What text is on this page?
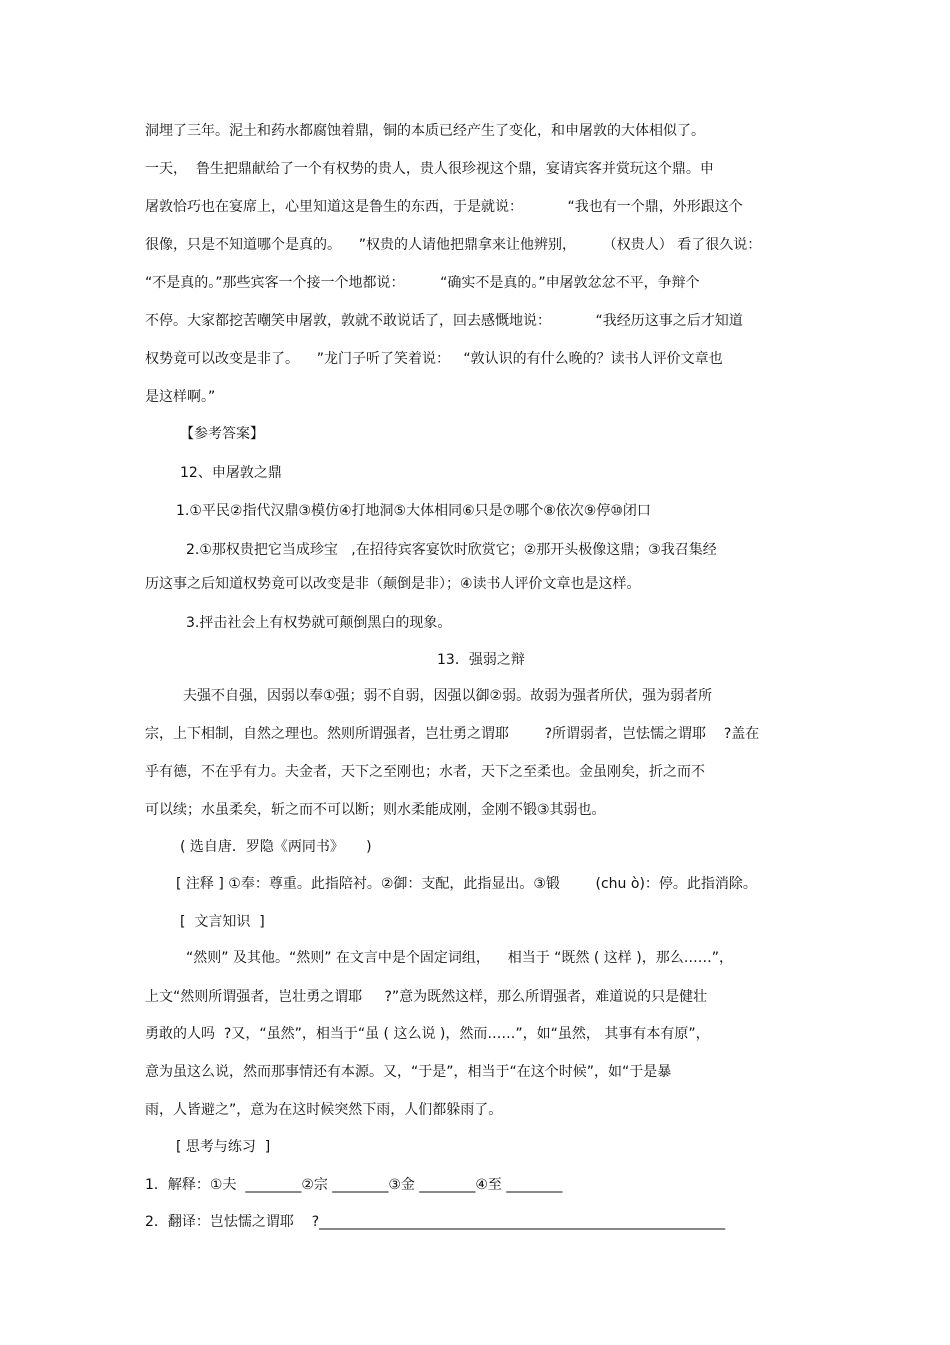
洞埋了三年。泥土和药水都腐蚀着鼎，铜的本质已经产生了变化，和申屠敦的大体相似了。
一天，  鲁生把鼎献给了一个有权势的贵人，贵人很珍视这个鼎，宴请宾客并赏玩这个鼎。申
屠敦恰巧也在宴席上，心里知道这是鲁生的东西，于是就说：          “我也有一个鼎，外形跟这个
很像，只是不知道哪个是真的。    ”权贵的人请他把鼎拿来让他辨别，      （权贵人） 看了很久说：
“不是真的。”那些宾客一个接一个地都说：        “确实不是真的。”申屠敦忿忿不平，争辩个
不停。大家都挖苦嘲笑申屠敦，敦就不敢说话了，回去感慨地说：          “我经历这事之后才知道
权势竟可以改变是非了。    ”龙门子听了笑着说：   “敦认识的有什么晚的？读书人评价文章也
是这样啊。”
【参考答案】
12、申屠敦之鼎
1.①平民②指代汉鼎③模仿④打地洞⑤大体相同⑥只是⑦哪个⑧依次⑨停⑩闭口
2.①那权贵把它当成珍宝   ,在招待宾客宴饮时欣赏它；②那开头极像这鼎；③我召集经
历这事之后知道权势竟可以改变是非（颠倒是非）；④读书人评价文章也是这样。
3.抨击社会上有权势就可颠倒黑白的现象。
13．强弱之辩
夫强不自强，因弱以奉①强；弱不自弱，因强以御②弱。故弱为强者所伏，强为弱者所
宗，上下相制，自然之理也。然则所谓强者，岂壮勇之谓耶        ?所谓弱者，岂怯懦之谓耶    ?盖在
乎有德，不在乎有力。夫金者，天下之至刚也；水者，天下之至柔也。金虽刚矣，折之而不
可以续；水虽柔矣，斩之而不可以断；则水柔能成刚，金刚不锻③其弱也。
( 选自唐．罗隐《两同书》     )
[ 注释 ] ①奉：尊重。此指陪衬。②御：支配，此指显出。③锻        (chu ò)：停。此指消除。
[  文言知识  ]
“然则” 及其他。“然则” 在文言中是个固定词组，    相当于 “既然 ( 这样 )，那么……”，
上文“然则所谓强者，岂壮勇之谓耶     ?”意为既然这样，那么所谓强者，难道说的只是健壮
勇敢的人吗  ?又，“虽然”，相当于“虽 ( 这么说 )，然而……”，如“虽然， 其事有本有原”，
意为虽这么说，然而那事情还有本源。又，“于是”，相当于“在这个时候”，如“于是暴
雨，人皆避之”，意为在这时候突然下雨，人们都躲雨了。
[ 思考与练习  ]
1．解释：①夫  ________②宗 ________③金 ________④至 ________
2．翻译：岂怯懦之谓耶    ?__________________________________________________________
